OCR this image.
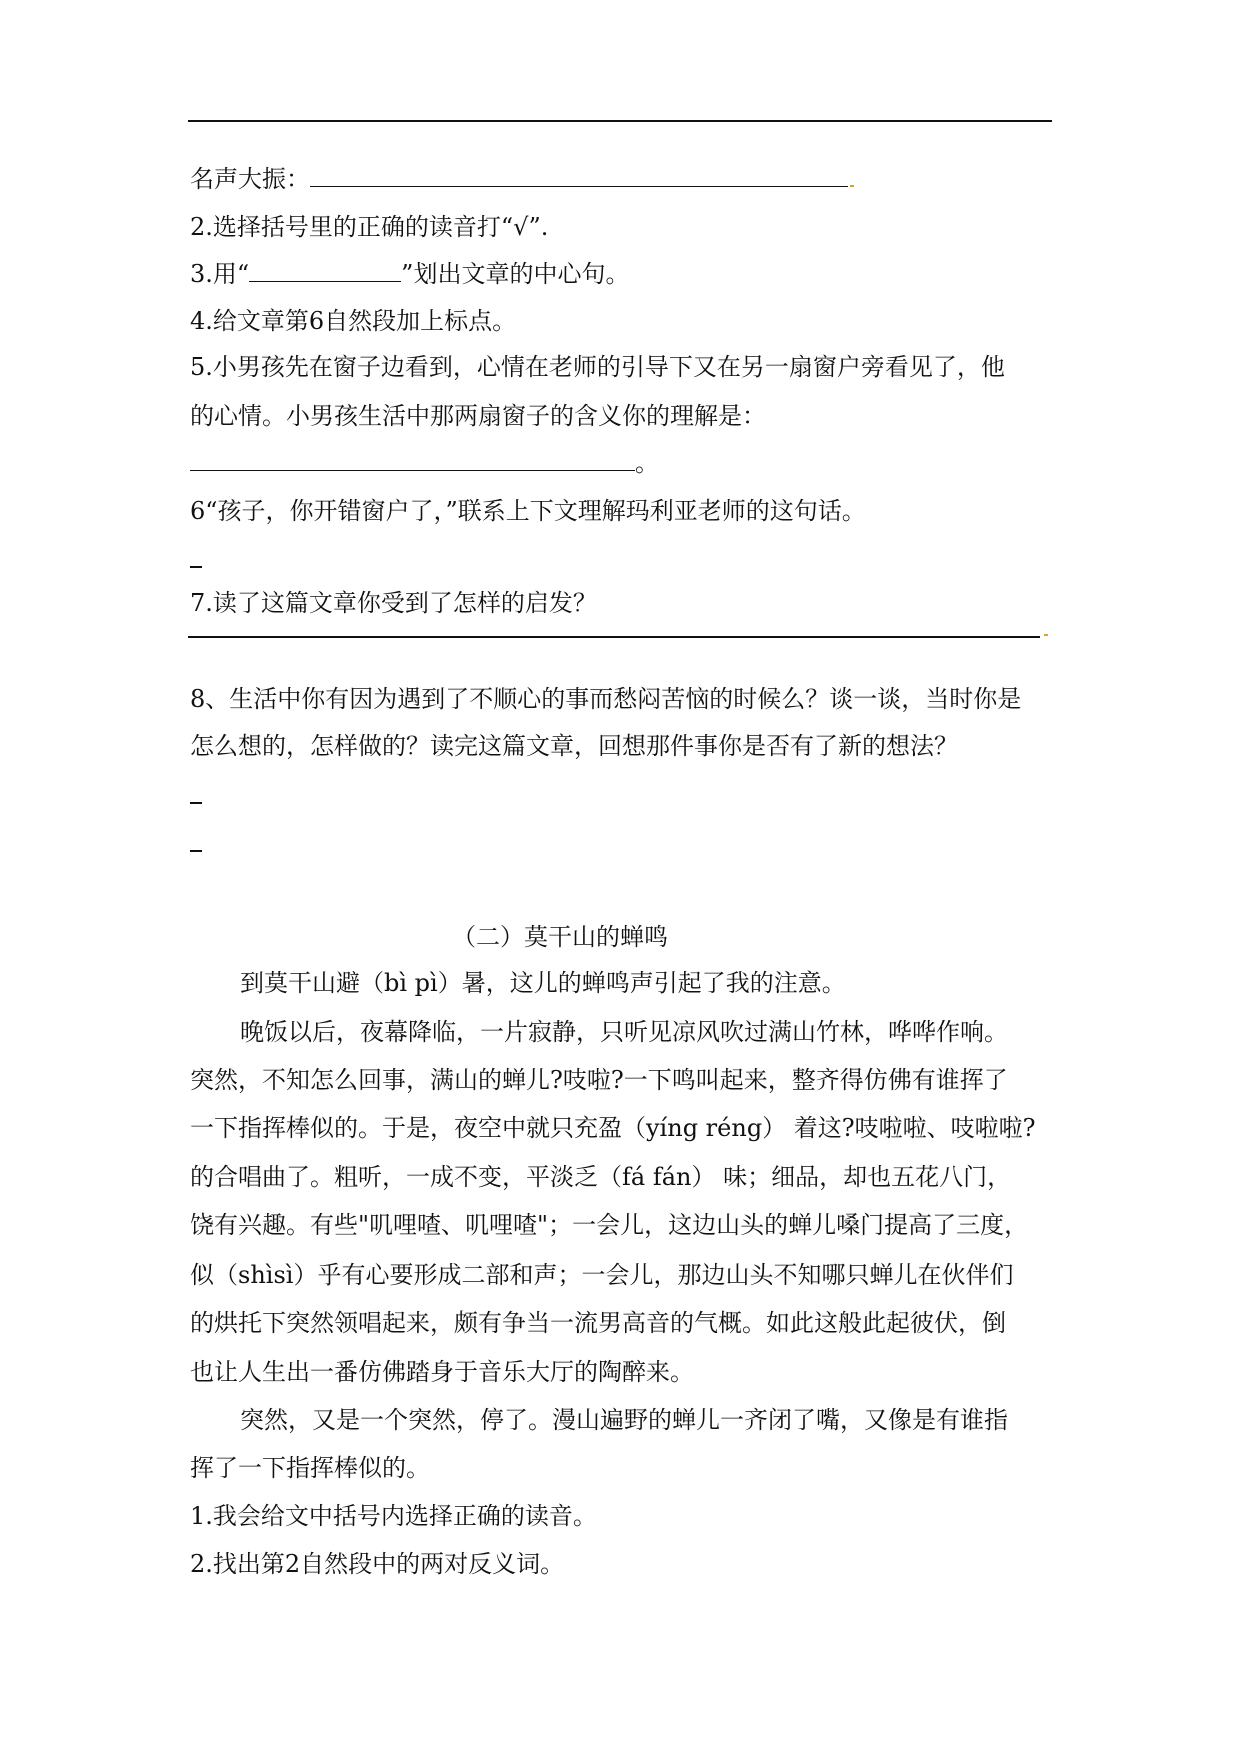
名声大振：
2.选择括号里的正确的读音打“√”.
3.用“	”划出文章的中心句。
4.给文章第6自然段加上标点。
5.小男孩先在窗子边看到，心情在老师的引导下又在另一扇窗户旁看见了，他
的心情。小男孩生活中那两扇窗子的含义你的理解是：
。
6“孩子，你开错窗户了，”联系上下文理解玛利亚老师的这句话。
7.读了这篇文章你受到了怎样的启发？
8、生活中你有因为遇到了不顺心的事而愁闷苦恼的时候么？谈一谈，当时你是
怎么想的，怎样做的？读完这篇文章，回想那件事你是否有了新的想法？
（二）莫干山的蝉鸣
到莫干山避（bì pì）暑，这儿的蝉鸣声引起了我的注意。
晚饭以后，夜幕降临，一片寂静，只听见凉风吹过满山竹林，哗哗作响。
突然，不知怎么回事，满山的蝉儿?吱啦?一下鸣叫起来，整齐得仿佛有谁挥了
一下指挥棒似的。于是，夜空中就只充盈（yíng réng） 着这?吱啦啦、吱啦啦?
的合唱曲了。粗听，一成不变，平淡乏（fá fán） 味；细品，却也五花八门，
饶有兴趣。有些"叽哩喳、叽哩喳"；一会儿，这边山头的蝉儿嗓门提高了三度，
似（shìsì）乎有心要形成二部和声；一会儿，那边山头不知哪只蝉儿在伙伴们
的烘托下突然领唱起来，颇有争当一流男高音的气概。如此这般此起彼伏，倒
也让人生出一番仿佛踏身于音乐大厅的陶醉来。
突然，又是一个突然，停了。漫山遍野的蝉儿一齐闭了嘴，又像是有谁指
挥了一下指挥棒似的。
1.我会给文中括号内选择正确的读音。
2.找出第2自然段中的两对反义词。
